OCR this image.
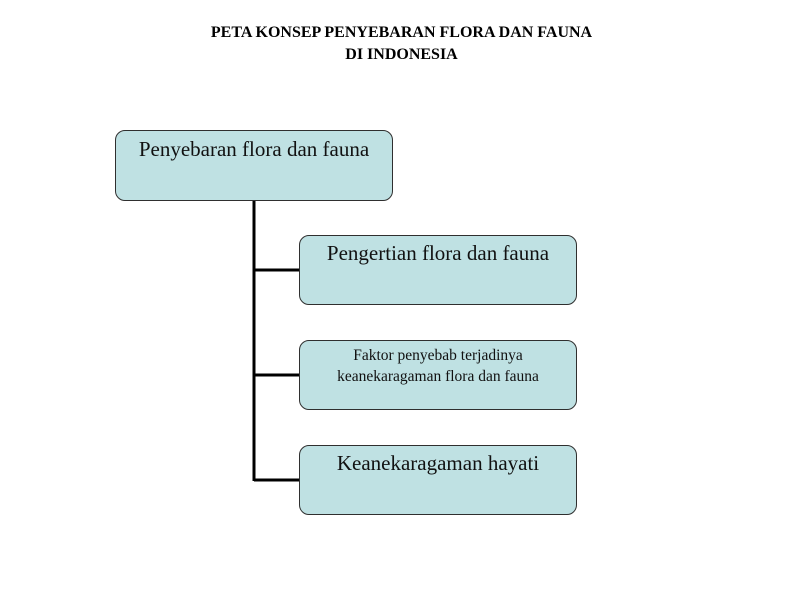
PETA KONSEP PENYEBARAN FLORA DAN FAUNA
DI INDONESIA
Penyebaran flora dan fauna
Pengertian flora dan fauna
Faktor penyebab terjadinya
keanekaragaman flora dan fauna
Keanekaragaman hayati
